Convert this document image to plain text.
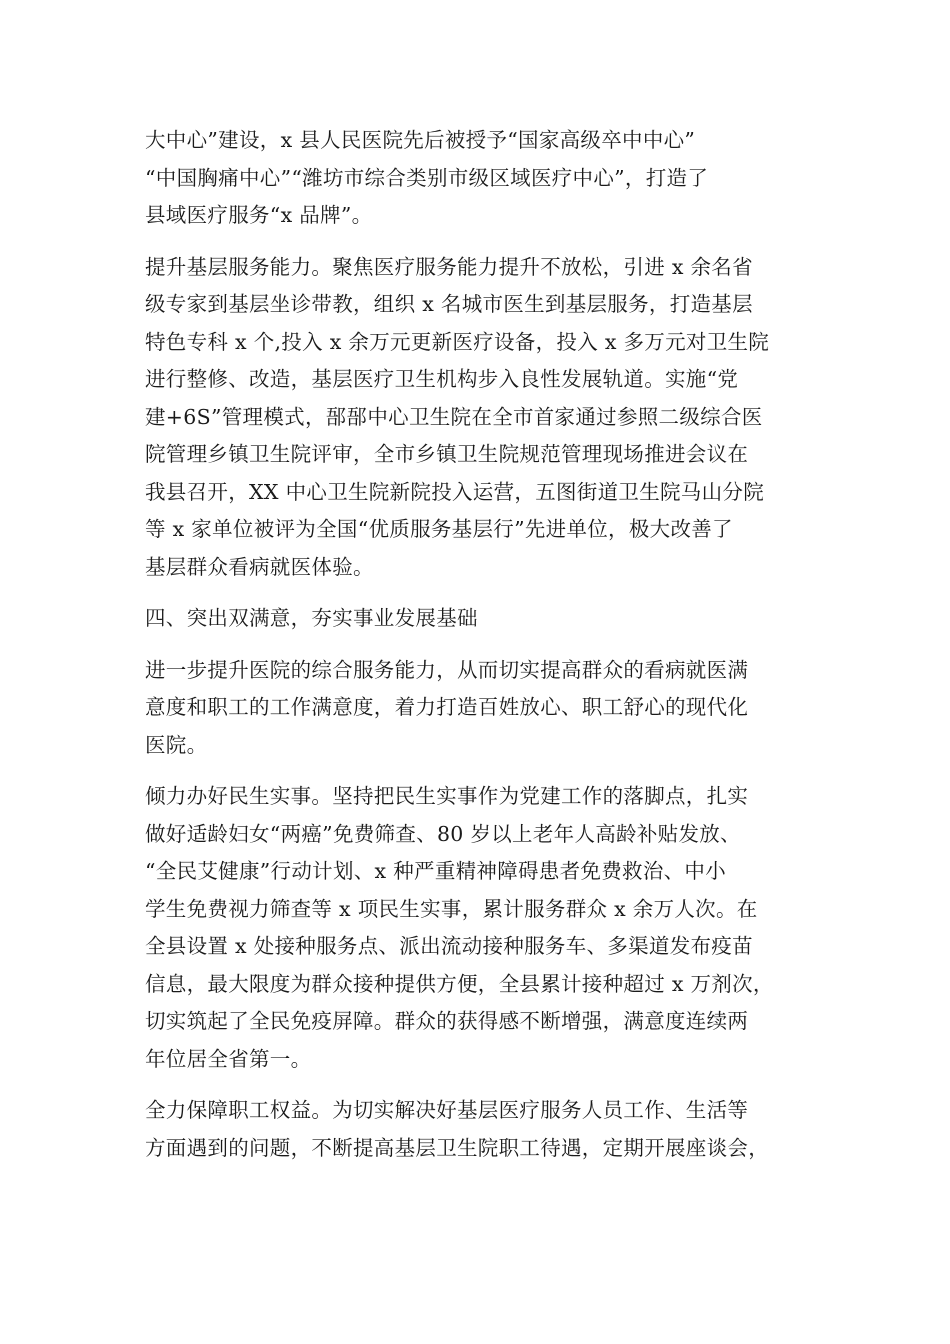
大中心”建设，x 县人民医院先后被授予“国家高级卒中中心”
“中国胸痛中心”“潍坊市综合类别市级区域医疗中心”，打造了
县域医疗服务“x 品牌”。
提升基层服务能力。聚焦医疗服务能力提升不放松，引进 x 余名省
级专家到基层坐诊带教，组织 x 名城市医生到基层服务，打造基层
特色专科 x 个,投入 x 余万元更新医疗设备，投入 x 多万元对卫生院
进行整修、改造，基层医疗卫生机构步入良性发展轨道。实施“党
建+6S”管理模式，郚郚中心卫生院在全市首家通过参照二级综合医
院管理乡镇卫生院评审，全市乡镇卫生院规范管理现场推进会议在
我县召开，XX 中心卫生院新院投入运营，五图街道卫生院马山分院
等 x 家单位被评为全国“优质服务基层行”先进单位，极大改善了
基层群众看病就医体验。
四、突出双满意，夯实事业发展基础
进一步提升医院的综合服务能力，从而切实提高群众的看病就医满
意度和职工的工作满意度，着力打造百姓放心、职工舒心的现代化
医院。
倾力办好民生实事。坚持把民生实事作为党建工作的落脚点，扎实
做好适龄妇女“两癌”免费筛查、80 岁以上老年人高龄补贴发放、
“全民艾健康”行动计划、x 种严重精神障碍患者免费救治、中小
学生免费视力筛查等 x 项民生实事，累计服务群众 x 余万人次。在
全县设置 x 处接种服务点、派出流动接种服务车、多渠道发布疫苗
信息，最大限度为群众接种提供方便，全县累计接种超过 x 万剂次，
切实筑起了全民免疫屏障。群众的获得感不断增强，满意度连续两
年位居全省第一。
全力保障职工权益。为切实解决好基层医疗服务人员工作、生活等
方面遇到的问题，不断提高基层卫生院职工待遇，定期开展座谈会，
